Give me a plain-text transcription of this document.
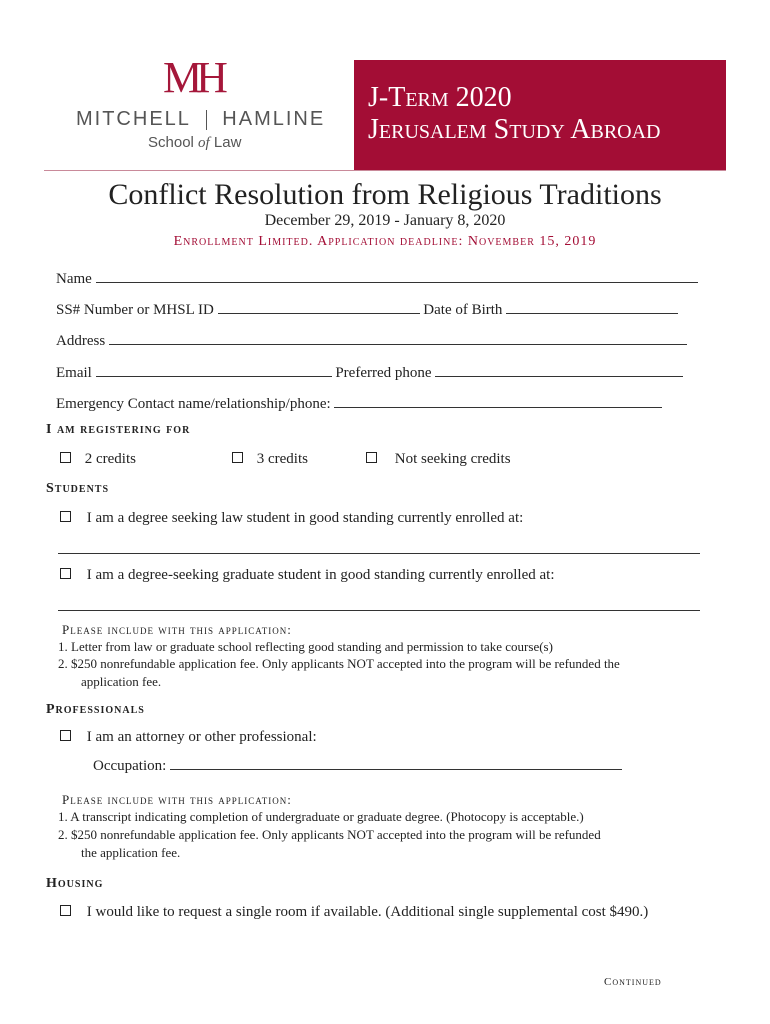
MH
MITCHELL HAMLINE
School of Law
J-Term 2020
Jerusalem Study Abroad
Conflict Resolution from Religious Traditions
December 29, 2019 - January 8, 2020
Enrollment Limited. Application deadline: November 15, 2019
Name
SS# Number or MHSL ID	Date of Birth
Address
Email	Preferred phone
Emergency Contact name/relationship/phone:
I am registering for
2 credits	3 credits	Not seeking credits
Students
I am a degree seeking law student in good standing currently enrolled at:
I am a degree-seeking graduate student in good standing currently enrolled at:
Please include with this application:
1. Letter from law or graduate school reflecting good standing and permission to take course(s)
2. $250 nonrefundable application fee. Only applicants NOT accepted into the program will be refunded the
application fee.
Professionals
I am an attorney or other professional:
Occupation:
Please include with this application:
1. A transcript indicating completion of undergraduate or graduate degree. (Photocopy is acceptable.)
2. $250 nonrefundable application fee. Only applicants NOT accepted into the program will be refunded
the application fee.
Housing
I would like to request a single room if available. (Additional single supplemental cost $490.)
Continued
